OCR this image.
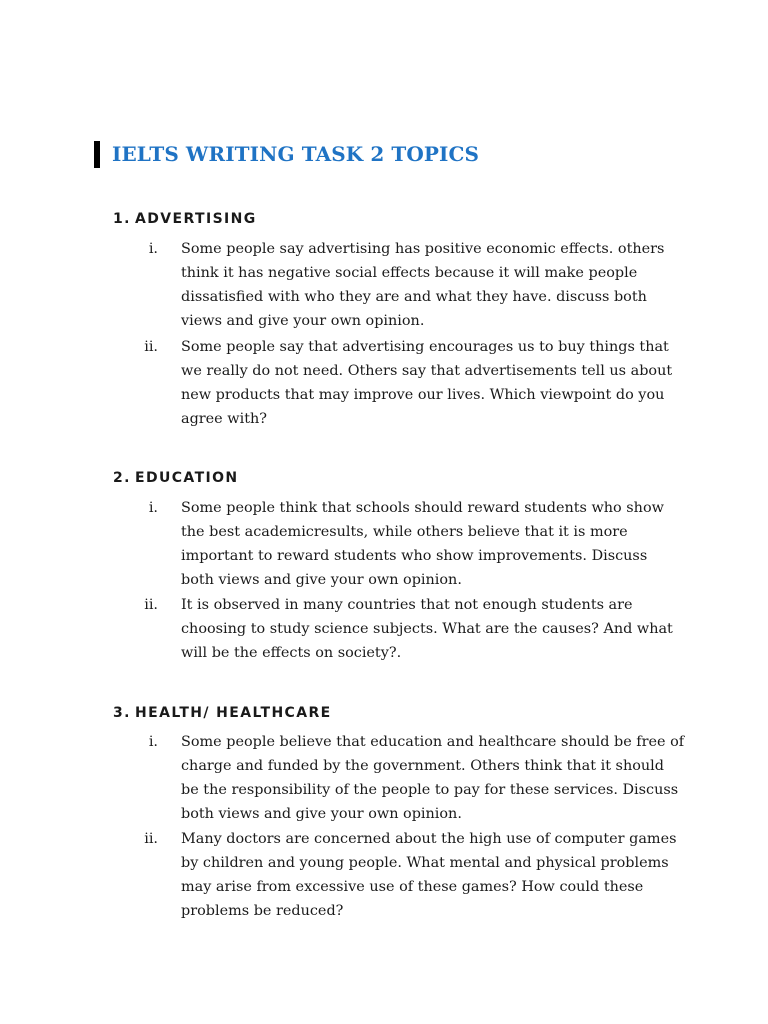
IELTS WRITING TASK 2 TOPICS
1. ADVERTISING
i. Some people say advertising has positive economic effects. others
think it has negative social effects because it will make people
dissatisfied with who they are and what they have. discuss both
views and give your own opinion.
ii. Some people say that advertising encourages us to buy things that
we really do not need. Others say that advertisements tell us about
new products that may improve our lives. Which viewpoint do you
agree with?
2. EDUCATION
i. Some people think that schools should reward students who show
the best academicresults, while others believe that it is more
important to reward students who show improvements. Discuss
both views and give your own opinion.
ii. It is observed in many countries that not enough students are
choosing to study science subjects. What are the causes? And what
will be the effects on society?.
3. HEALTH/ HEALTHCARE
i. Some people believe that education and healthcare should be free of
charge and funded by the government. Others think that it should
be the responsibility of the people to pay for these services. Discuss
both views and give your own opinion.
ii. Many doctors are concerned about the high use of computer games
by children and young people. What mental and physical problems
may arise from excessive use of these games? How could these
problems be reduced?
